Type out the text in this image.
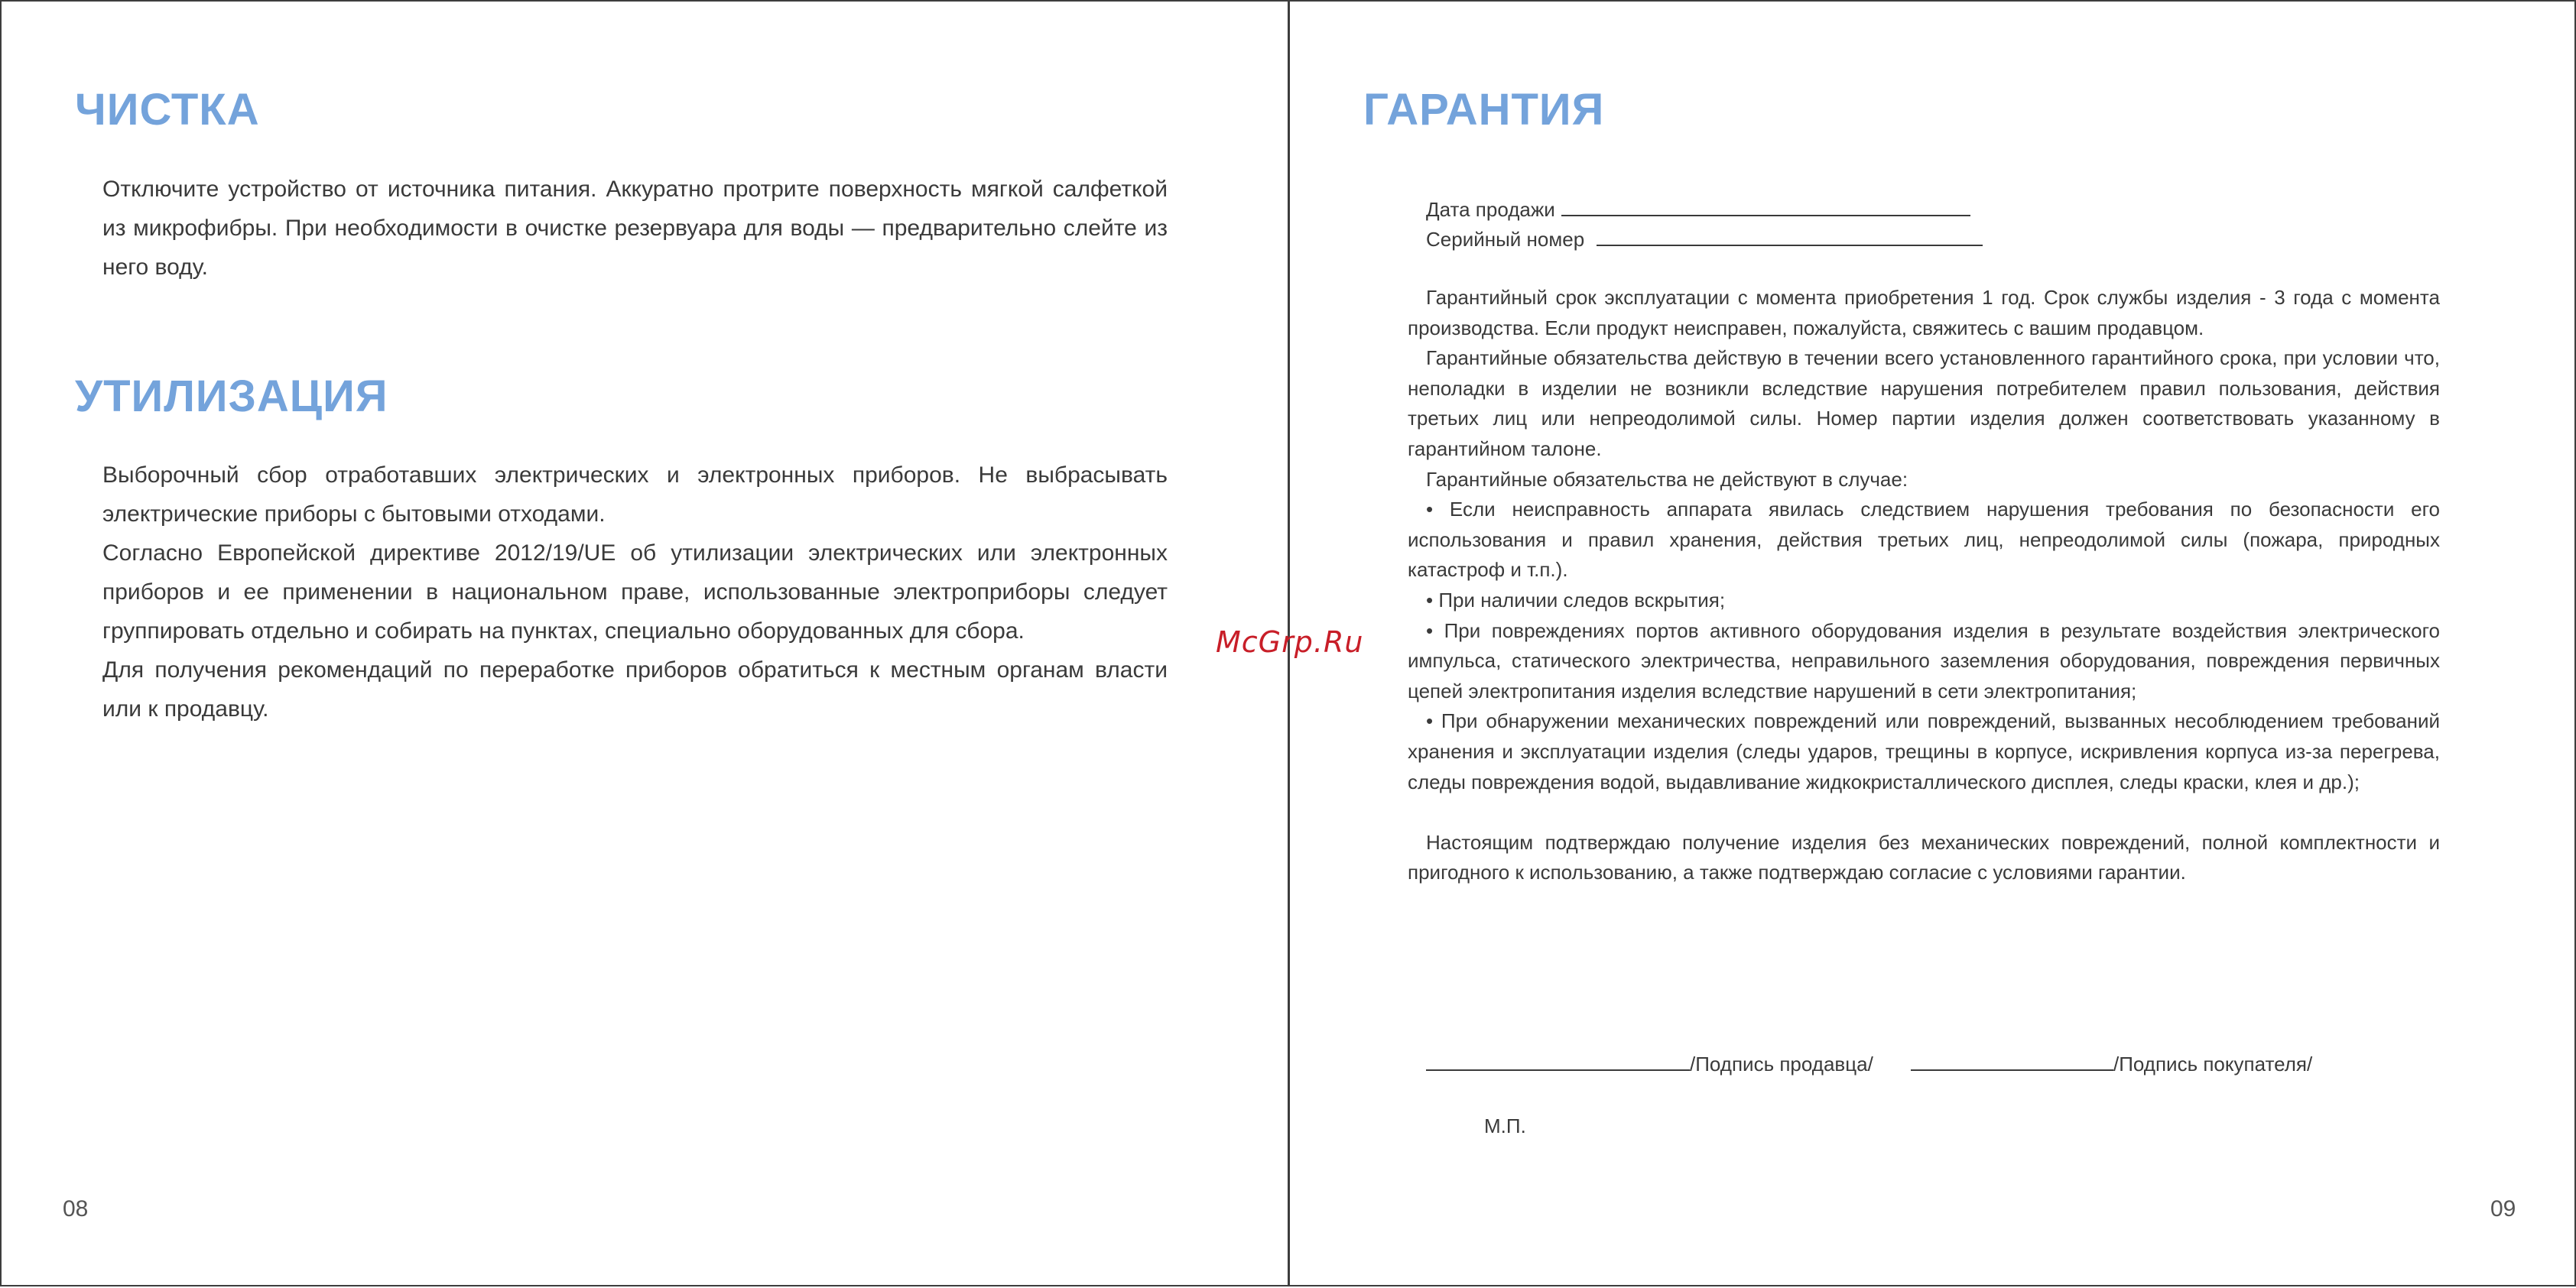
ЧИСТКА

Отключите устройство от источника питания. Аккуратно протрите поверхность мягкой салфеткой из микрофибры. При необходимости в очистке резервуара для воды — предварительно слейте из него воду.

УТИЛИЗАЦИЯ

Выборочный сбор отработавших электрических и электронных приборов. Не выбрасывать электрические приборы с бытовыми отходами.

Согласно Европейской директиве 2012/19/UE об утилизации электрических или электронных приборов и ее применении в национальном праве, использованные электроприборы следует группировать отдельно и собирать на пунктах, специально оборудованных для сбора.

Для получения рекомендаций по переработке приборов обратиться к местным органам власти или к продавцу.

08
ГАРАНТИЯ
Дата продажи
Серийный номер

Гарантийный срок эксплуатации с момента приобретения 1 год. Срок службы изделия - 3 года с момента производства. Если продукт неисправен, пожалуйста, свяжитесь с вашим продавцом.

Гарантийные обязательства действую в течении всего установленного гарантийного срока, при условии что, неполадки в изделии не возникли вследствие нарушения потребителем правил пользования, действия третьих лиц или непреодолимой силы. Номер партии изделия должен соответствовать указанному в гарантийном талоне.

Гарантийные обязательства не действуют в случае:

• Если неисправность аппарата явилась следствием нарушения требования по безопасности его использования и правил хранения, действия третьих лиц, непреодолимой силы (пожара, природных катастроф и т.п.).

• При наличии следов вскрытия;

• При повреждениях портов активного оборудования изделия в результате воздействия электрического импульса, статического электричества, неправильного заземления оборудования, повреждения первичных цепей электропитания изделия вследствие нарушений в сети электропитания;

• При обнаружении механических повреждений или повреждений, вызванных несоблюдением требований хранения и эксплуатации изделия (следы ударов, трещины в корпусе, искривления корпуса из-за перегрева, следы повреждения водой, выдавливание жидкокристаллического дисплея, следы краски, клея и др.);

Настоящим подтверждаю получение изделия без механических повреждений, полной комплектности и пригодного к использованию, а также подтверждаю согласие с условиями гарантии.

/Подпись продавца/	/Подпись покупателя/
М.П.
09
McGrp.Ru
